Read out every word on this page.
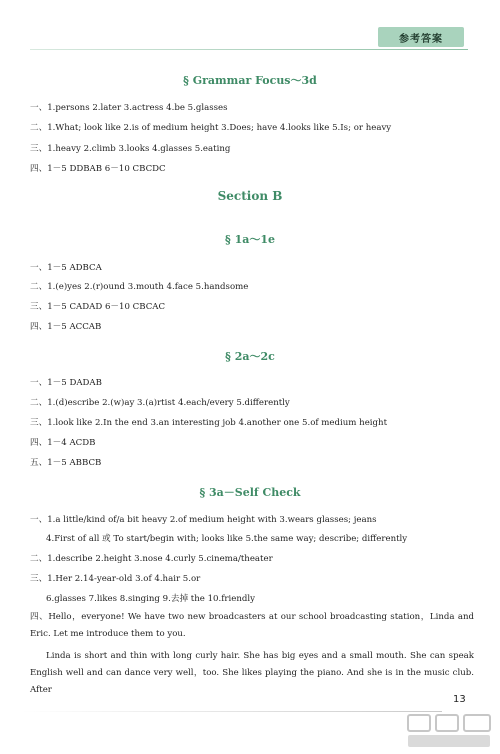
参考答案
§ Grammar Focus～3d
一、1.persons 2.later 3.actress 4.be 5.glasses
二、1.What; look like 2.is of medium height 3.Does; have 4.looks like 5.Is; or heavy
三、1.heavy 2.climb 3.looks 4.glasses 5.eating
四、1－5 DDBAB 6－10 CBCDC
Section B
§ 1a～1e
一、1－5 ADBCA
二、1.(e)yes 2.(r)ound 3.mouth 4.face 5.handsome
三、1－5 CADAD 6－10 CBCAC
四、1－5 ACCAB
§ 2a～2c
一、1－5 DADAB
二、1.(d)escribe 2.(w)ay 3.(a)rtist 4.each/every 5.differently
三、1.look like 2.In the end 3.an interesting job 4.another one 5.of medium height
四、1－4 ACDB
五、1－5 ABBCB
§ 3a－Self Check
一、1.a little/kind of/a bit heavy 2.of medium height with 3.wears glasses; jeans
4.First of all 或 To start/begin with; looks like 5.the same way; describe; differently
二、1.describe 2.height 3.nose 4.curly 5.cinema/theater
三、1.Her 2.14-year-old 3.of 4.hair 5.or
6.glasses 7.likes 8.singing 9.去掉 the 10.friendly
四、Hello，everyone! We have two new broadcasters at our school broadcasting station，Linda and Eric. Let me introduce them to you.
Linda is short and thin with long curly hair. She has big eyes and a small mouth. She can speak English well and can dance very well，too. She likes playing the piano. And she is in the music club. After
13
